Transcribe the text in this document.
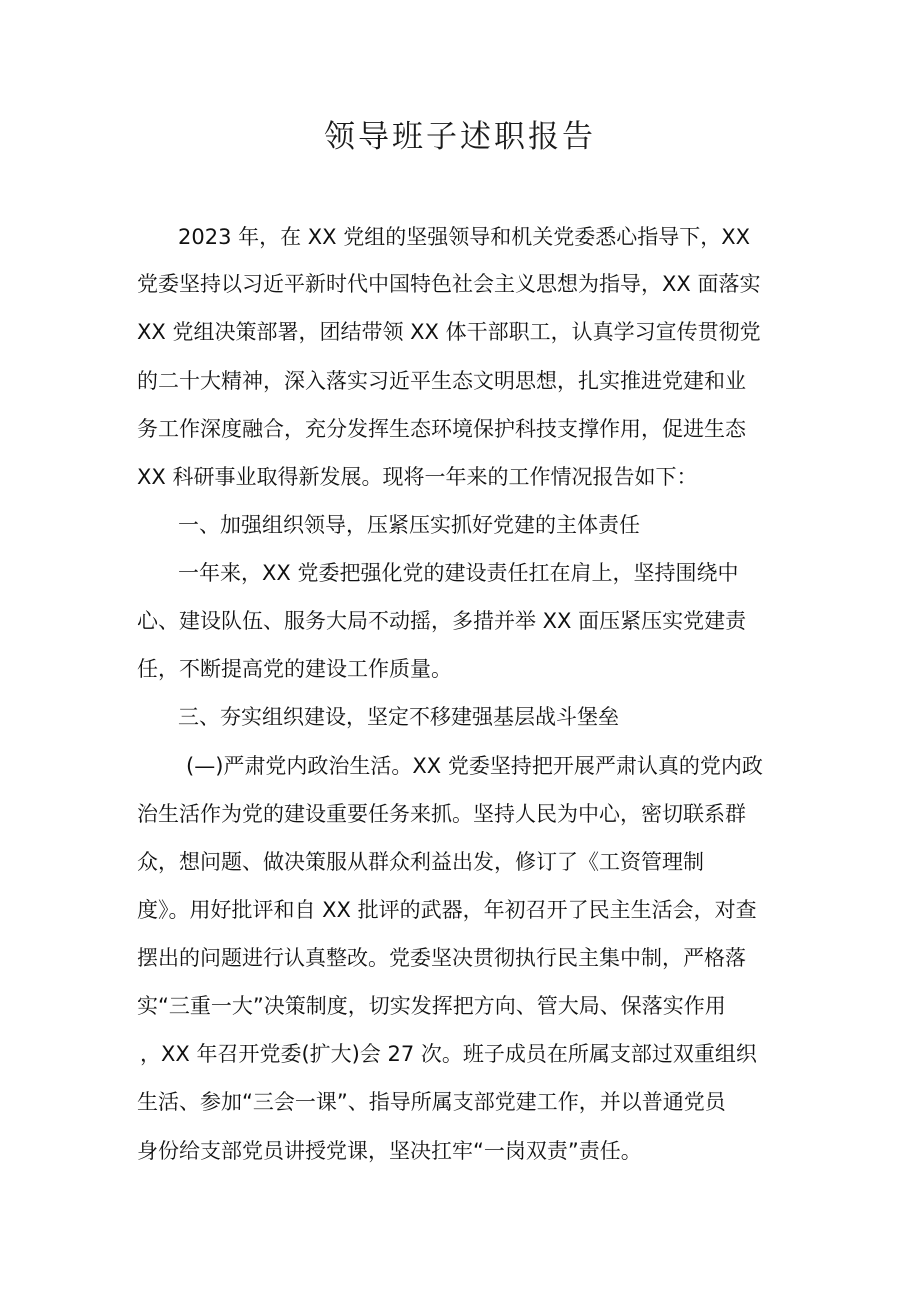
领导班子述职报告

2023 年，在 XX 党组的坚强领导和机关党委悉心指导下，XX

党委坚持以习近平新时代中国特色社会主义思想为指导，XX 面落实

XX 党组决策部署，团结带领 XX 体干部职工，认真学习宣传贯彻党

的二十大精神，深入落实习近平生态文明思想，扎实推进党建和业

务工作深度融合，充分发挥生态环境保护科技支撑作用，促进生态

XX 科研事业取得新发展。现将一年来的工作情况报告如下：

一、加强组织领导，压紧压实抓好党建的主体责任

一年来，XX 党委把强化党的建设责任扛在肩上，坚持围绕中

心、建设队伍、服务大局不动摇，多措并举 XX 面压紧压实党建责

任，不断提高党的建设工作质量。

三、夯实组织建设，坚定不移建强基层战斗堡垒

(—)严肃党内政治生活。XX 党委坚持把开展严肃认真的党内政

治生活作为党的建设重要任务来抓。坚持人民为中心，密切联系群

众，想问题、做决策服从群众利益出发，修订了《工资管理制

度》。用好批评和自 XX 批评的武器，年初召开了民主生活会，对查

摆出的问题进行认真整改。党委坚决贯彻执行民主集中制，严格落

实“三重一大”决策制度，切实发挥把方向、管大局、保落实作用

，XX 年召开党委(扩大)会 27 次。班子成员在所属支部过双重组织

生活、参加“三会一课”、指导所属支部党建工作，并以普通党员

身份给支部党员讲授党课，坚决扛牢“一岗双责”责任。
